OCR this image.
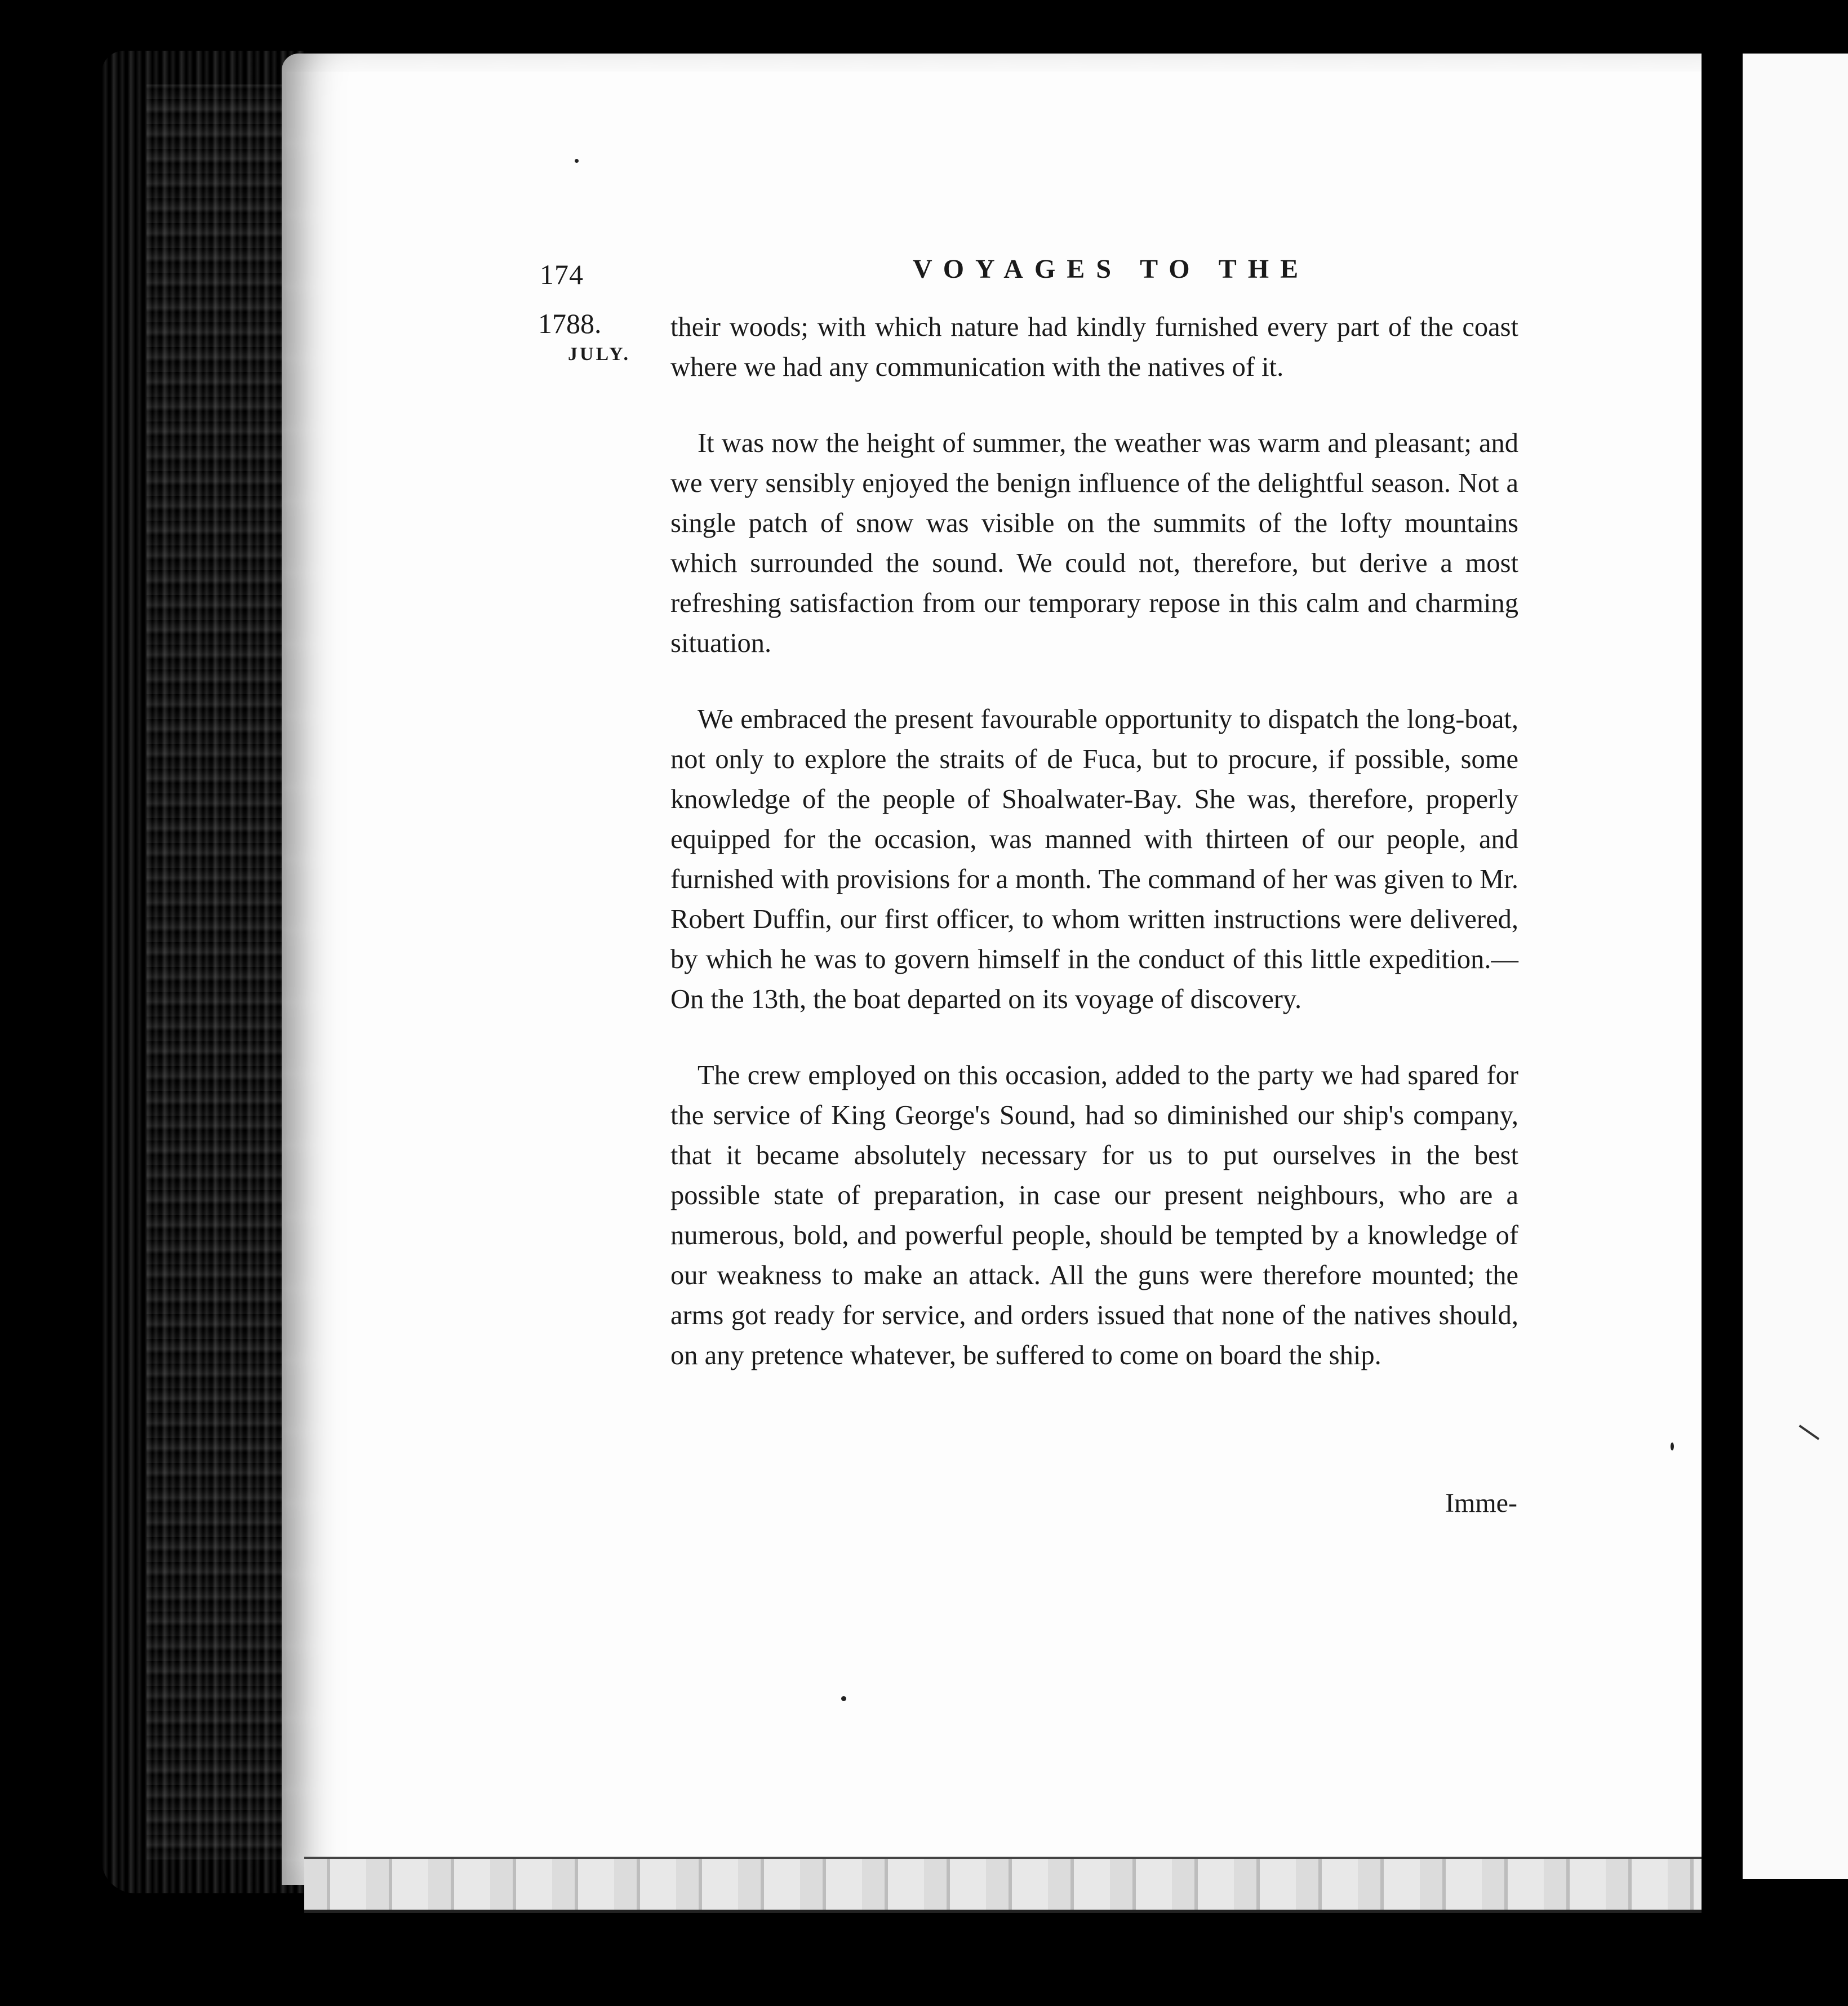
174	VOYAGES TO THE
1788.
JULY.

their woods; with which nature had kindly furnished every part of the coast where we had any communication with the natives of it.

It was now the height of summer, the weather was warm and pleasant; and we very sensibly enjoyed the benign influence of the delightful season. Not a single patch of snow was visible on the summits of the lofty mountains which surrounded the sound. We could not, therefore, but derive a most refreshing satisfaction from our temporary repose in this calm and charming situation.

We embraced the present favourable opportunity to dispatch the long-boat, not only to explore the straits of de Fuca, but to procure, if possible, some knowledge of the people of Shoalwater-Bay. She was, therefore, properly equipped for the occasion, was manned with thirteen of our people, and furnished with provisions for a month. The command of her was given to Mr. Robert Duffin, our first officer, to whom written instructions were delivered, by which he was to govern himself in the conduct of this little expedition.—On the 13th, the boat departed on its voyage of discovery.

The crew employed on this occasion, added to the party we had spared for the service of King George's Sound, had so diminished our ship's company, that it became absolutely necessary for us to put ourselves in the best possible state of preparation, in case our present neighbours, who are a numerous, bold, and powerful people, should be tempted by a knowledge of our weakness to make an attack. All the guns were therefore mounted; the arms got ready for service, and orders issued that none of the natives should, on any pretence whatever, be suffered to come on board the ship.

Imme-
